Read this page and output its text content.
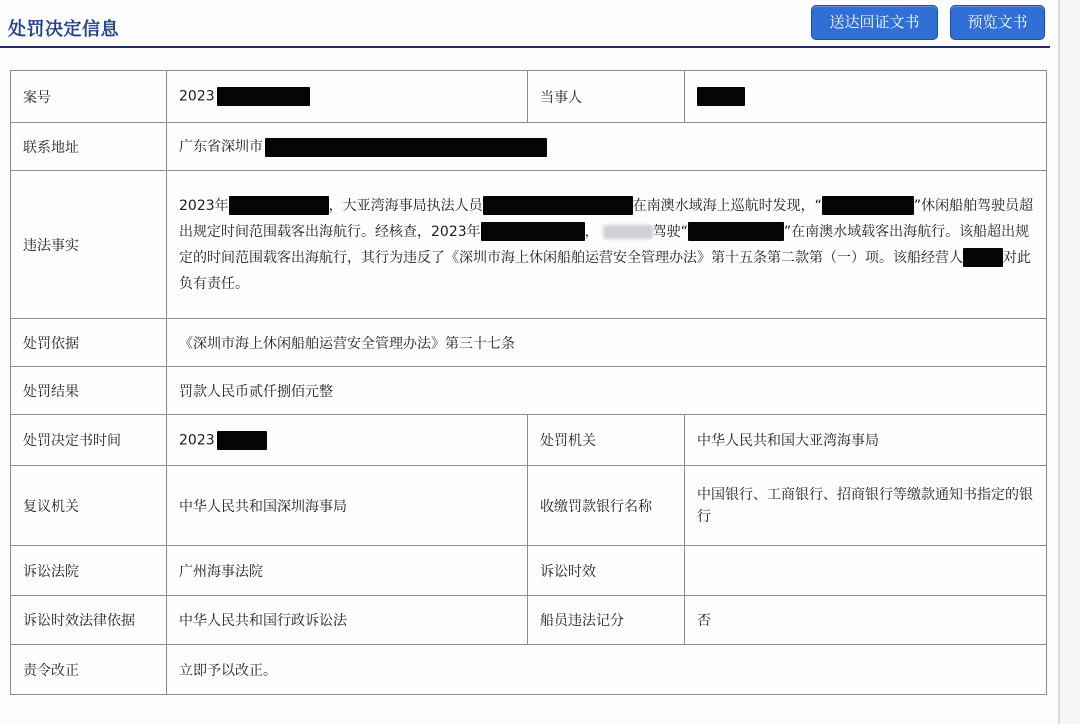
处罚决定信息	送达回证文书	预览文书
案号	2023	当事人	
联系地址	广东省深圳市		
违法事实	2023年 ，大亚湾海事局执法人员 在南澳水域海上巡航时发现，“ ”休闲船舶驾驶员超出规定时间范围载客出海航行。经核查，2023年 ， 驾驶“ ”在南澳水域载客出海航行。该船超出规定的时间范围载客出海航行，其行为违反了《深圳市海上休闲船舶运营安全管理办法》第十五条第二款第（一）项。该船经营人 对此负有责任。		
处罚依据	《深圳市海上休闲船舶运营安全管理办法》第三十七条		
处罚结果	罚款人民币贰仟捌佰元整		
处罚决定书时间	2023	处罚机关	中华人民共和国大亚湾海事局
复议机关	中华人民共和国深圳海事局	收缴罚款银行名称	中国银行、工商银行、招商银行等缴款通知书指定的银行
诉讼法院	广州海事法院	诉讼时效	
诉讼时效法律依据	中华人民共和国行政诉讼法	船员违法记分	否
责令改正	立即予以改正。		
